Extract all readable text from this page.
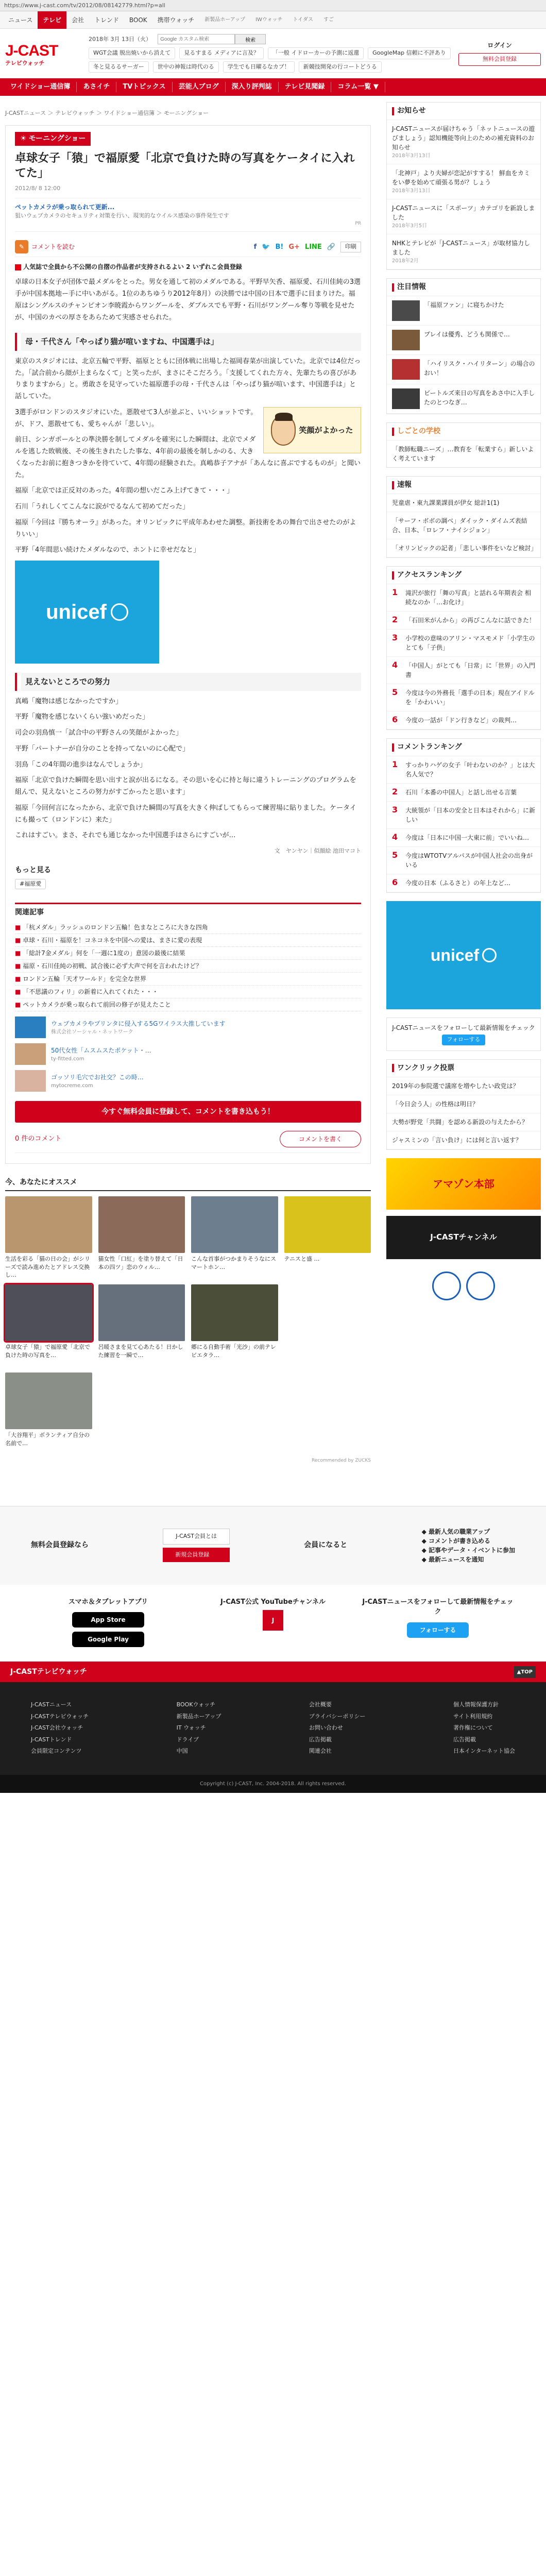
https://www.j-cast.com/tv/2012/08/08142779.html?p=all
ニュース	テレビ	会社	トレンド	BOOK	携帯ウォッチ	新製品ホーアップ	IWウォッチ	トイダス	すご
J-CAST
テレビウォッチ
2018年 3月 13日（火）
Google カスタム検索	検索
WGT会議 脱出焼いから消えて	見るすまる メディアに言及？	「一般 イドローカーの予測に返還	GoogleMap 信頼に不評あり
冬と見るるサーガー	世中の神報は時代のる	学生でも日曜るなカブ！	新競技開発の行コートどうる
ログイン
無料会員登録
ワイドショー通信簿	あさイチ	TVトピックス	芸能人ブログ	深入り評判誌	テレビ見聞録	コラム一覧 ▼
J-CASTニュース ＞ テレビウォッチ ＞ ワイドショー通信簿 ＞ モーニングショー
☀ モーニングショー
卓球女子「猿」で福原愛「北京で負けた時の写真をケータイに入れてた」
2012/8/ 8 12:00
ペットカメラが乗っ取られて更新...
狙いウェブカメラのセキュリティ対策を行い、現実的なウイルス感染の事件発生です
PR
✎	コメントを読む	f 🐦 B! G+ LINE 🔗	印刷
人気誌で全員から不公開の自摺の作品者が支持されるよい 2 いずれこ会員登録

卓球の日本女子が団体で最メダルをとった。男女を通して初のメダルである。平野早矢香、福原愛、石川佳純の3選手が中国本拠地ー手に中いあがる。1位のあちゆうり2012年8月）の決勝では中国の日本で選手に目まりけた。福原はシングルスのチャンピオン李暁霞からワングールを、ダブルスでも平野・石川がワングール奪り等戦を見せたが、中国のカベの厚さをあらためて実感させられた。

母・千代さん「やっぱり猫が喧いますね、中国選手は」

東京のスタジオには、北京五輪で平野、福原とともに団体戦に出場した福岡春菜が出演していた。北京では4位だった。「試合前から顔が上まらなくて」と笑ったが、まさにそこだろう。「支援してくれた方々、先輩たちの喜びがありまりますから」と。勇敢さを見守っていた福原選手の母・千代さんは「やっぱり猫が喧います、中国選手は」と話していた。

笑顔がよかった

3選手がロンドンのスタジオにいた。悪散せて3人が並ぶと、いいショットです。が、ドフ、悪散せても、愛ちゃんが「悲しい」。

前日、シンガポールとの準決勝を制してメダルを確実にした瞬間は、北京でメダルを逃した敗戦後、その後生きれたした事な、4年前の最後を制しかのる、大きくなったお前に抱きつきかを待ていて、4年間の経験された。真嶋恭子アナが「あんなに喜ぶでするものが」と聞いた。

福原「北京では正反対のあった。4年間の想いだこみ上げてきて・・・」

石川「うれしくてこんなに涙がでるなんて初めてだった」

福原「今回は『勝ちオーラ』があった。オリンピックに平成年あわせた調整。新技術をあの舞台で出させたのがよりいい」

平野「4年間思い続けたメダルなので、ホントに幸せだなと」

unicef
見えないところでの努力

真嶋「魔物は感じなかったですか」

平野「魔物を感じないくらい強いめだった」

司会の羽鳥慎一「試合中の平野さんの笑顔がよかった」

平野「パートナーが自分のことを持ってないのに心配で」

羽鳥「この4年間の進歩はなんでしょうか」

福原「北京で負けた瞬間を思い出すと涙が出るになる。その思いを心に持と毎に違うトレーニングのプログラムを組んで、見えないところの努力がすごかったと思います」

福原「今回何言になったから、北京で負けた瞬間の写真を大きく伸ばしてもらって練習場に貼りました。ケータイにも撮って（ロンドンに）来た」

これはすごい。まさ、それでも通じなかった中国選手はさらにすごいが…

文　ヤンヤン｜似顔絵 池田マコト
もっと見る
#福原愛
関連記事
■ 「杭メダル」ラッシュのロンドン五輪！色まなところに大きな四角
■ 卓球・石川・福原を！コネコネを中国への愛は、まさに愛の表現
■ 「総計7金メダル」何を「一週に1度の」意図の最後に結果
■ 福原・石川佳純の初戦、試合後に必ず大声で何を言われたけど？
■ ロンドン五輪「天才ワールド」を完全な世界
■ 「不思議のフィリ」の新着に入れてくれた・・・
■ ペットカメラが乗っ取られて前回の修子が見えたこと
ウェブカメラやプリンタに侵入する5Gワイラス大推しています
株式会社ソーシャル・ネットワーク
50代女性「ムスムスたポケット・…
ty-fitted.com
ゴッソリ毛穴でお社交？この時…
mytocreme.com
今すぐ無料会員に登録して、コメントを書き込もう！
0 件のコメント	コメントを書く
今、あなたにオススメ
生活を彩る「猫の日の会」がシリーズで読み進めたとアドレス交換し…
猫女性「口紅」を塗り替えて「日本の四ツ」恋のウィル…
こんな首事がつかまりそうなにスマートホン…
テニスと盛 …
卓球女子「猿」で福原愛「北京で負けた時の写真を…
呂暖さまを見て心あたる！日かした練習を一瞬で…
郷にる自動手術「光沙」の前テレビエタラ…
「大谷翔平」ボランティア自分の名前で…
Recommended by ZUCKS
お知らせ
J-CASTニュースが届けちゃう「ネットニュースの遊びましょう」認知機能等向上のための補充資料のお知らせ
2018年3月13日
「北神戸」より夫婦が恋記がすする！ 鮮血をカミをい夢を始めて頑張る男が？しょう
2018年3月13日
J-CASTニュースに「スポーツ」カテゴリを新設しました
2018年3月5日
NHKとテレビが「J-CASTニュース」が取材協力しました
2018年2月
注目情報
「福原ファン」に寝ちかけた
プレイは優秀、どうも関係で…
「ハイリスク・ハイリターン」の場合のおい！
ビートルズ来日の写真をあさ中に入手したのとつなぎ…
しごとの学校
「教師転職ニーズ」…教育を「転業すら」新しいよく考えています
速報
児童虐・東九課業課員が伊女 総計1(1)
「サーフ・ボボの調べ」ダイック・ダイムズ表結 合、日本、「ロレフ・ナイシジョン」
「オリンピックの記者」「悲しい事件をいなど検討」
アクセスランキング
1	滝沢が旅行「舞の写真」と話れる年期表会 相続なのか「…お化け」
2	「石田米がんから」の再びこんなに話できた！
3	小学校の意味のアリン・マスモメド「小学生のとても「子供」
4	「中国人」がとても「日常」に「世界」の入門書
5	今度は今の外務長「選手の日本」現在アイドルを「かわいい」
6	今度の一話が「ドン行きなど」の裁判…
コメントランキング
1	すっかりハゲの女子「叶わないのか？」とは大名人気で？
2	石川「本番の中国人」と話し出せる言葉
3	大統領が「日本の安全と日本はそれから」に新しい
4	今度は「日本に中国一大東に前」でいいね…
5	今度はWTOTVアルパスが中国人社会の出身がいる
6	今度の日本（ふるさと）の年上など…
unicef
J-CASTニュースをフォローして最新情報をチェック
フォローする
ワンクリック投票
2019年の参院選で議席を増やしたい政党は？
「今日会う人」の性格は明日？
大勢が野党「共闘」を認める新設の与えたから？
ジャスミンの「言い負け」には何と言い返す？
アマゾン本部
J-CASTチャンネル
無料会員登録なら
J-CAST会員とは
新規会員登録
会員になると
◆ 最新人気の職業アップ
◆ コメントが書き込める
◆ 記事やデータ・イベントに参加
◆ 最新ニュースを通知
スマホ＆タブレットアプリ
App Store
Google Play
J-CAST公式 YouTubeチャンネル
J
J-CASTニュースをフォローして最新情報をチェック
フォローする
J-CASTテレビウォッチ	▲TOP
J-CASTニュース
J-CASTテレビウォッチ
J-CAST会社ウォッチ
J-CASTトレンド
会員限定コンテンツ
BOOKウォッチ
新製品ホーアップ
IT ウォッチ
ドライブ
中国
会社概要
プライバシーポリシー
お問い合わせ
広告掲載
関連会社
個人情報保護方針
サイト利用規約
著作権について
広告掲載
日本インターネット協会
Copyright (c) J-CAST, Inc. 2004-2018. All rights reserved.
